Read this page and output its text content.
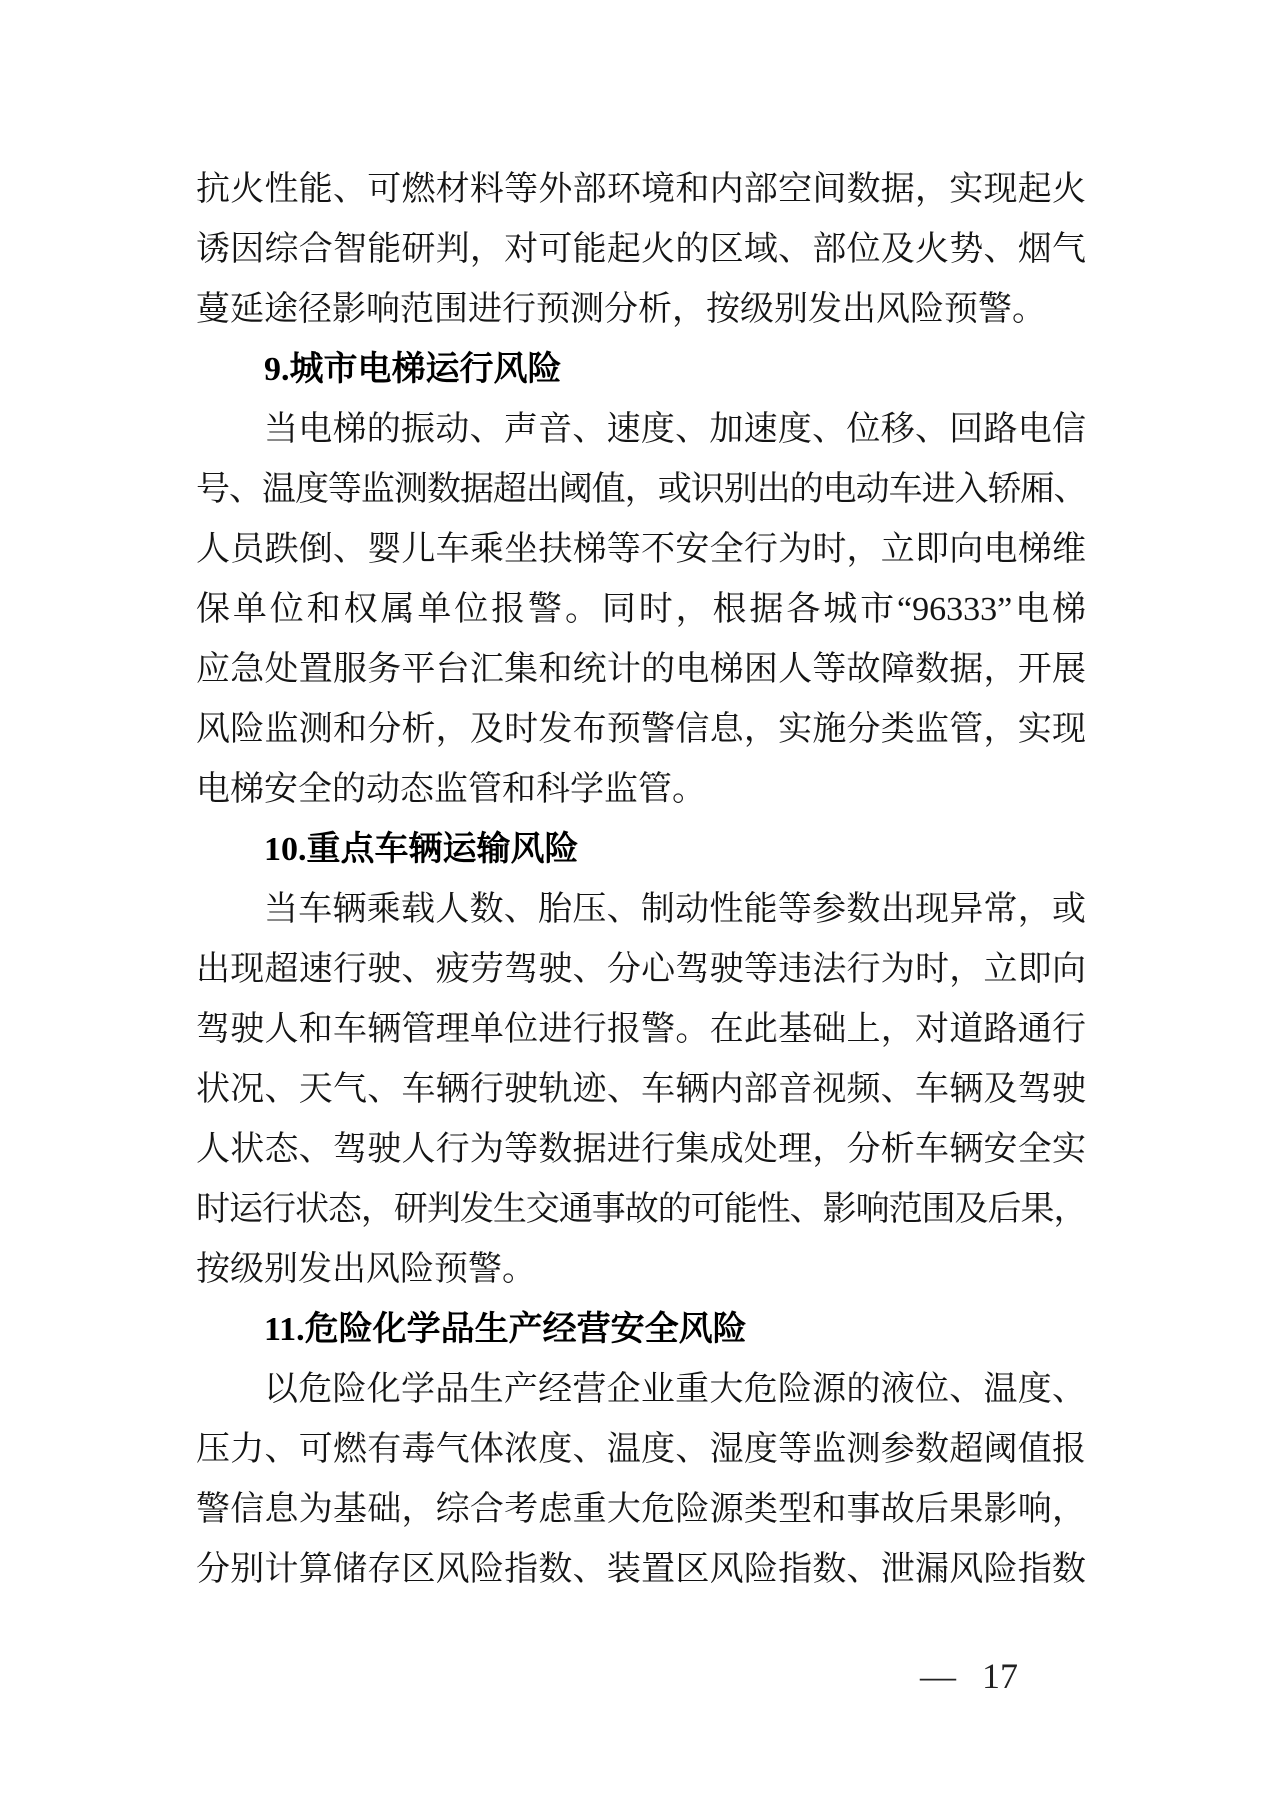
抗火性能、可燃材料等外部环境和内部空间数据，实现起火
诱因综合智能研判，对可能起火的区域、部位及火势、烟气
蔓延途径影响范围进行预测分析，按级别发出风险预警。
9.城市电梯运行风险
当电梯的振动、声音、速度、加速度、位移、回路电信
号、温度等监测数据超出阈值，或识别出的电动车进入轿厢、
人员跌倒、婴儿车乘坐扶梯等不安全行为时，立即向电梯维
保单位和权属单位报警。同时，根据各城市“96333”电梯
应急处置服务平台汇集和统计的电梯困人等故障数据，开展
风险监测和分析，及时发布预警信息，实施分类监管，实现
电梯安全的动态监管和科学监管。
10.重点车辆运输风险
当车辆乘载人数、胎压、制动性能等参数出现异常，或
出现超速行驶、疲劳驾驶、分心驾驶等违法行为时，立即向
驾驶人和车辆管理单位进行报警。在此基础上，对道路通行
状况、天气、车辆行驶轨迹、车辆内部音视频、车辆及驾驶
人状态、驾驶人行为等数据进行集成处理，分析车辆安全实
时运行状态，研判发生交通事故的可能性、影响范围及后果，
按级别发出风险预警。
11.危险化学品生产经营安全风险
以危险化学品生产经营企业重大危险源的液位、温度、
压力、可燃有毒气体浓度、温度、湿度等监测参数超阈值报
警信息为基础，综合考虑重大危险源类型和事故后果影响，
分别计算储存区风险指数、装置区风险指数、泄漏风险指数
— 17
